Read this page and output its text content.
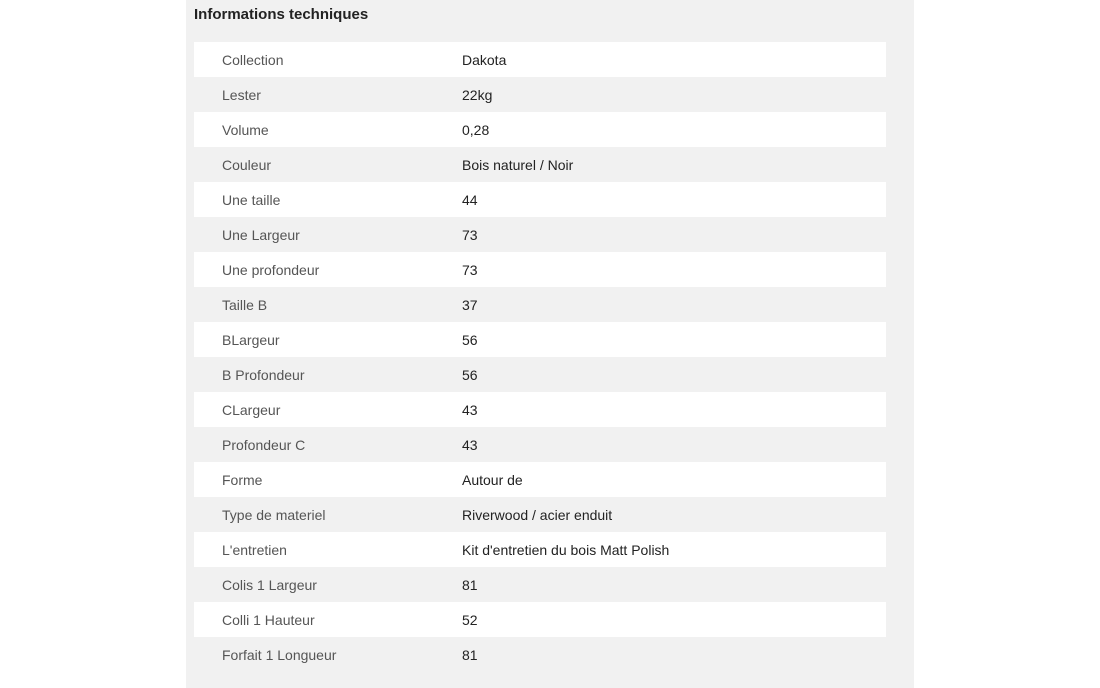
Informations techniques
Collection	Dakota
Lester	22kg
Volume	0,28
Couleur	Bois naturel / Noir
Une taille	44
Une Largeur	73
Une profondeur	73
Taille B	37
BLargeur	56
B Profondeur	56
CLargeur	43
Profondeur C	43
Forme	Autour de
Type de materiel	Riverwood / acier enduit
L'entretien	Kit d'entretien du bois Matt Polish
Colis 1 Largeur	81
Colli 1 Hauteur	52
Forfait 1 Longueur	81
